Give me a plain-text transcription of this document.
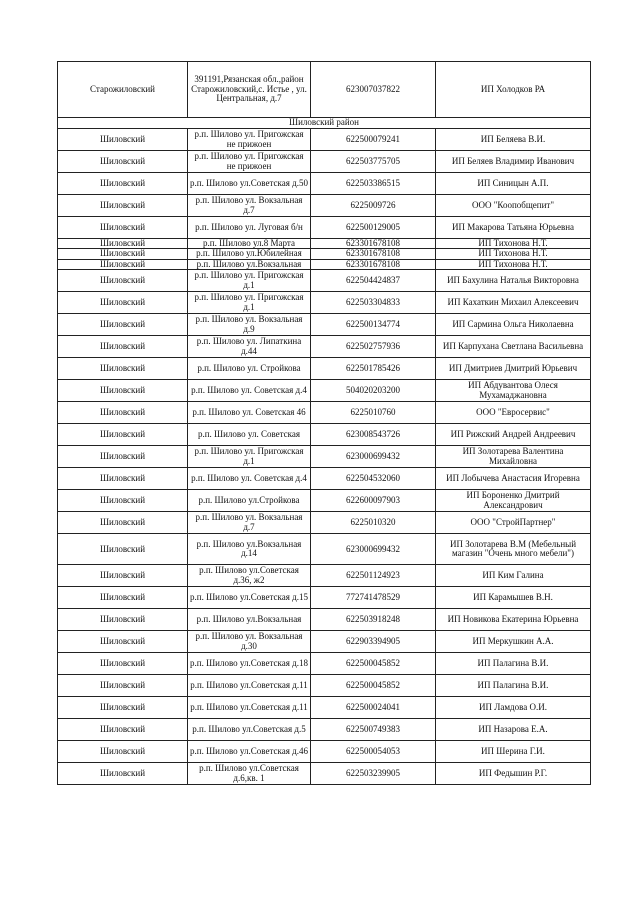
Старожиловский	391191,Рязанская обл.,район Старожиловский,с. Истье , ул. Центральная, д.7	623007037822	ИП Холодков РА
Шиловский район			
Шиловский	р.п. Шилово ул. Пригожская не прижоен	622500079241	ИП Беляева В.И.
Шиловский	р.п. Шилово ул. Пригожская не прижоен	622503775705	ИП Беляев Владимир Иванович
Шиловский	р.п. Шилово ул.Советская д.50	622503386515	ИП Синицын А.П.
Шиловский	р.п. Шилово ул. Вокзальная д.7	6225009726	ООО "Коопобщепит"
Шиловский	р.п. Шилово ул. Луговая б/н	622500129005	ИП Макарова Татьяна Юрьевна
Шиловский	р.п. Шилово ул.8 Марта	623301678108	ИП Тихонова Н.Т.
Шиловский	р.п. Шилово ул.Юбилейная	623301678108	ИП Тихонова Н.Т.
Шиловский	р.п. Шилово ул.Вокзальная	623301678108	ИП Тихонова Н.Т.
Шиловский	р.п. Шилово ул. Пригожская д.1	622504424837	ИП Бахулина Наталья Викторовна
Шиловский	р.п. Шилово ул. Пригожская д.1	622503304833	ИП Кахаткин Михаил Алексеевич
Шиловский	р.п. Шилово ул. Вокзальная д.9	622500134774	ИП Сармина Ольга Николаевна
Шиловский	р.п. Шилово ул. Липаткина д.44	622502757936	ИП Карпухана Светлана Васильевна
Шиловский	р.п. Шилово ул. Стройкова	622501785426	ИП Дмитриев Дмитрий Юрьевич
Шиловский	р.п. Шилово ул. Советская д.4	504020203200	ИП Абдувантова Олеся Мухамаджановна
Шиловский	р.п. Шилово ул. Советская 46	6225010760	ООО "Евросервис"
Шиловский	р.п. Шилово ул. Советская	623008543726	ИП Рижский Андрей Андреевич
Шиловский	р.п. Шилово ул. Пригожская д.1	623000699432	ИП Золотарева Валентина Михайловна
Шиловский	р.п. Шилово ул. Советская д.4	622504532060	ИП Лобычева Анастасия Игоревна
Шиловский	р.п. Шилово ул.Стройкова	622600097903	ИП Бороненко Дмитрий Александрович
Шиловский	р.п. Шилово ул. Вокзальная д.7	6225010320	ООО "СтройПартнер"
Шиловский	р.п. Шилово ул.Вокзальная д.14	623000699432	ИП Золотарева В.М (Мебельный магазин "Очень много мебели")
Шиловский	р.п. Шилово ул.Советская д.36, ж2	622501124923	ИП Ким Галина
Шиловский	р.п. Шилово ул.Советская д.15	772741478529	ИП Карамышев В.Н.
Шиловский	р.п. Шилово ул.Вокзальная	622503918248	ИП Новикова Екатерина Юрьевна
Шиловский	р.п. Шилово ул. Вокзальная д.30	622903394905	ИП Меркушкин А.А.
Шиловский	р.п. Шилово ул.Советская д.18	622500045852	ИП Палагина В.И.
Шиловский	р.п. Шилово ул.Советская д.11	622500045852	ИП Палагина В.И.
Шиловский	р.п. Шилово ул.Советская д.11	622500024041	ИП Ламдова О.И.
Шиловский	р.п. Шилово ул.Советская д.5	622500749383	ИП Назарова Е.А.
Шиловский	р.п. Шилово ул.Советская д.46	622500054053	ИП Шерина Г.И.
Шиловский	р.п. Шилово ул.Советская д.6,кв. 1	622503239905	ИП Федышин Р.Г.
